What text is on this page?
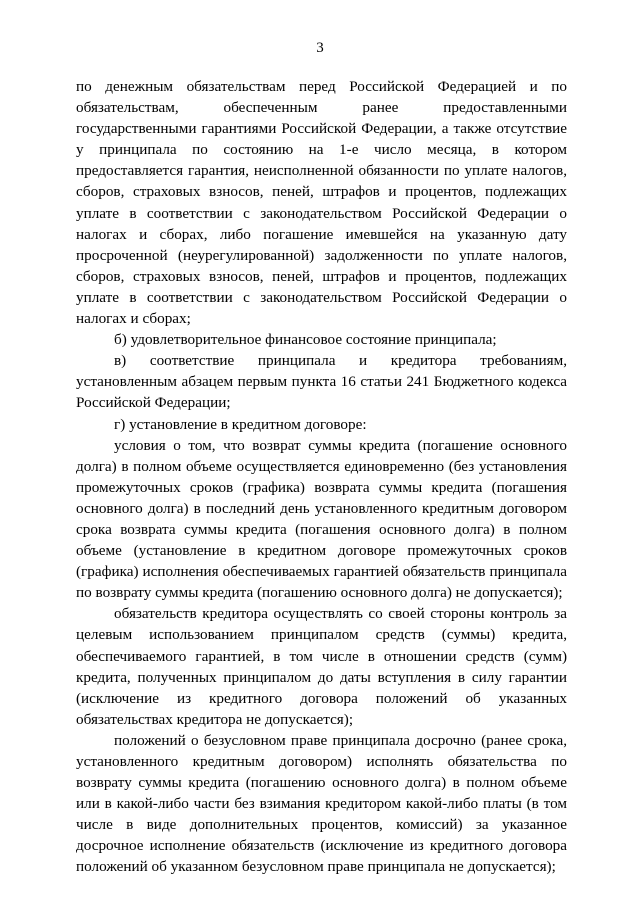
3

по денежным обязательствам перед Российской Федерацией и по обязательствам, обеспеченным ранее предоставленными государственными гарантиями Российской Федерации, а также отсутствие у принципала по состоянию на 1-е число месяца, в котором предоставляется гарантия, неисполненной обязанности по уплате налогов, сборов, страховых взносов, пеней, штрафов и процентов, подлежащих уплате в соответствии с законодательством Российской Федерации о налогах и сборах, либо погашение имевшейся на указанную дату просроченной (неурегулированной) задолженности по уплате налогов, сборов, страховых взносов, пеней, штрафов и процентов, подлежащих уплате в соответствии с законодательством Российской Федерации о налогах и сборах;

б) удовлетворительное финансовое состояние принципала;

в) соответствие принципала и кредитора требованиям, установленным абзацем первым пункта 16 статьи 241 Бюджетного кодекса Российской Федерации;

г) установление в кредитном договоре:

условия о том, что возврат суммы кредита (погашение основного долга) в полном объеме осуществляется единовременно (без установления промежуточных сроков (графика) возврата суммы кредита (погашения основного долга) в последний день установленного кредитным договором срока возврата суммы кредита (погашения основного долга) в полном объеме (установление в кредитном договоре промежуточных сроков (графика) исполнения обеспечиваемых гарантией обязательств принципала по возврату суммы кредита (погашению основного долга) не допускается);

обязательств кредитора осуществлять со своей стороны контроль за целевым использованием принципалом средств (суммы) кредита, обеспечиваемого гарантией, в том числе в отношении средств (сумм) кредита, полученных принципалом до даты вступления в силу гарантии (исключение из кредитного договора положений об указанных обязательствах кредитора не допускается);

положений о безусловном праве принципала досрочно (ранее срока, установленного кредитным договором) исполнять обязательства по возврату суммы кредита (погашению основного долга) в полном объеме или в какой-либо части без взимания кредитором какой-либо платы (в том числе в виде дополнительных процентов, комиссий) за указанное досрочное исполнение обязательств (исключение из кредитного договора положений об указанном безусловном праве принципала не допускается);
